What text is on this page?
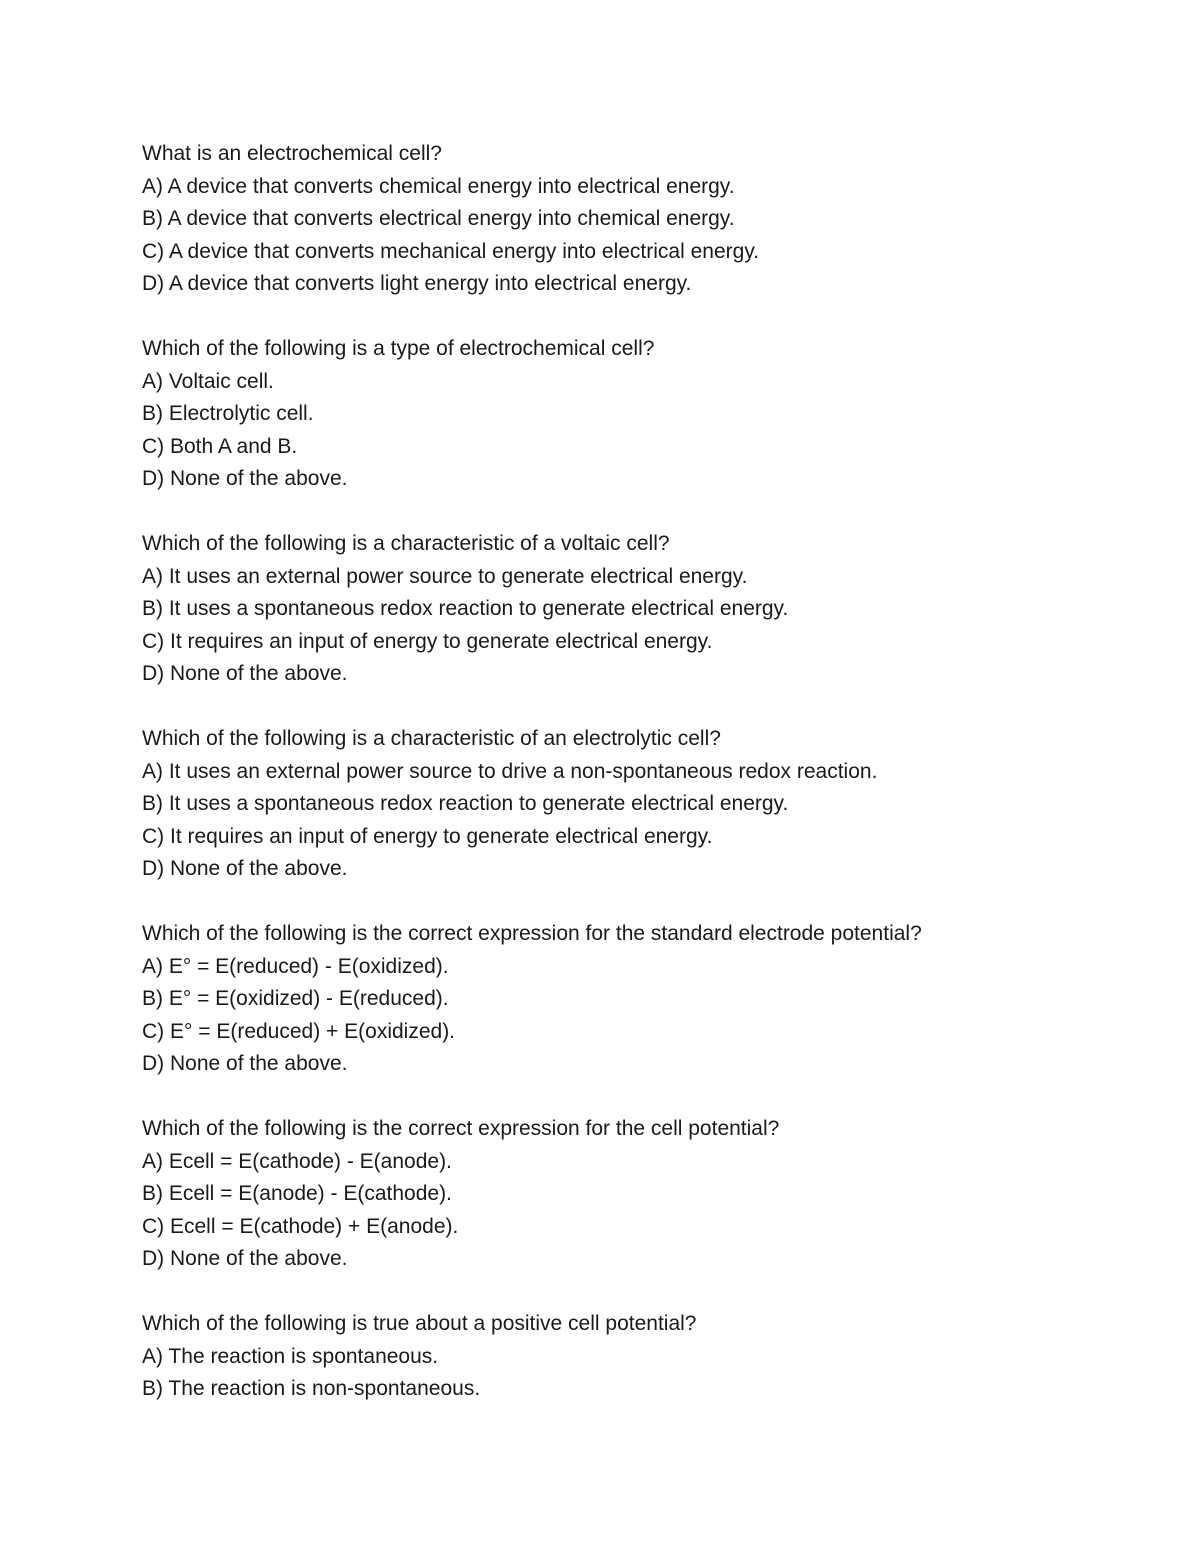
What is an electrochemical cell?
A) A device that converts chemical energy into electrical energy.
B) A device that converts electrical energy into chemical energy.
C) A device that converts mechanical energy into electrical energy.
D) A device that converts light energy into electrical energy.
Which of the following is a type of electrochemical cell?
A) Voltaic cell.
B) Electrolytic cell.
C) Both A and B.
D) None of the above.
Which of the following is a characteristic of a voltaic cell?
A) It uses an external power source to generate electrical energy.
B) It uses a spontaneous redox reaction to generate electrical energy.
C) It requires an input of energy to generate electrical energy.
D) None of the above.
Which of the following is a characteristic of an electrolytic cell?
A) It uses an external power source to drive a non-spontaneous redox reaction.
B) It uses a spontaneous redox reaction to generate electrical energy.
C) It requires an input of energy to generate electrical energy.
D) None of the above.
Which of the following is the correct expression for the standard electrode potential?
A) E° = E(reduced) - E(oxidized).
B) E° = E(oxidized) - E(reduced).
C) E° = E(reduced) + E(oxidized).
D) None of the above.
Which of the following is the correct expression for the cell potential?
A) Ecell = E(cathode) - E(anode).
B) Ecell = E(anode) - E(cathode).
C) Ecell = E(cathode) + E(anode).
D) None of the above.
Which of the following is true about a positive cell potential?
A) The reaction is spontaneous.
B) The reaction is non-spontaneous.
